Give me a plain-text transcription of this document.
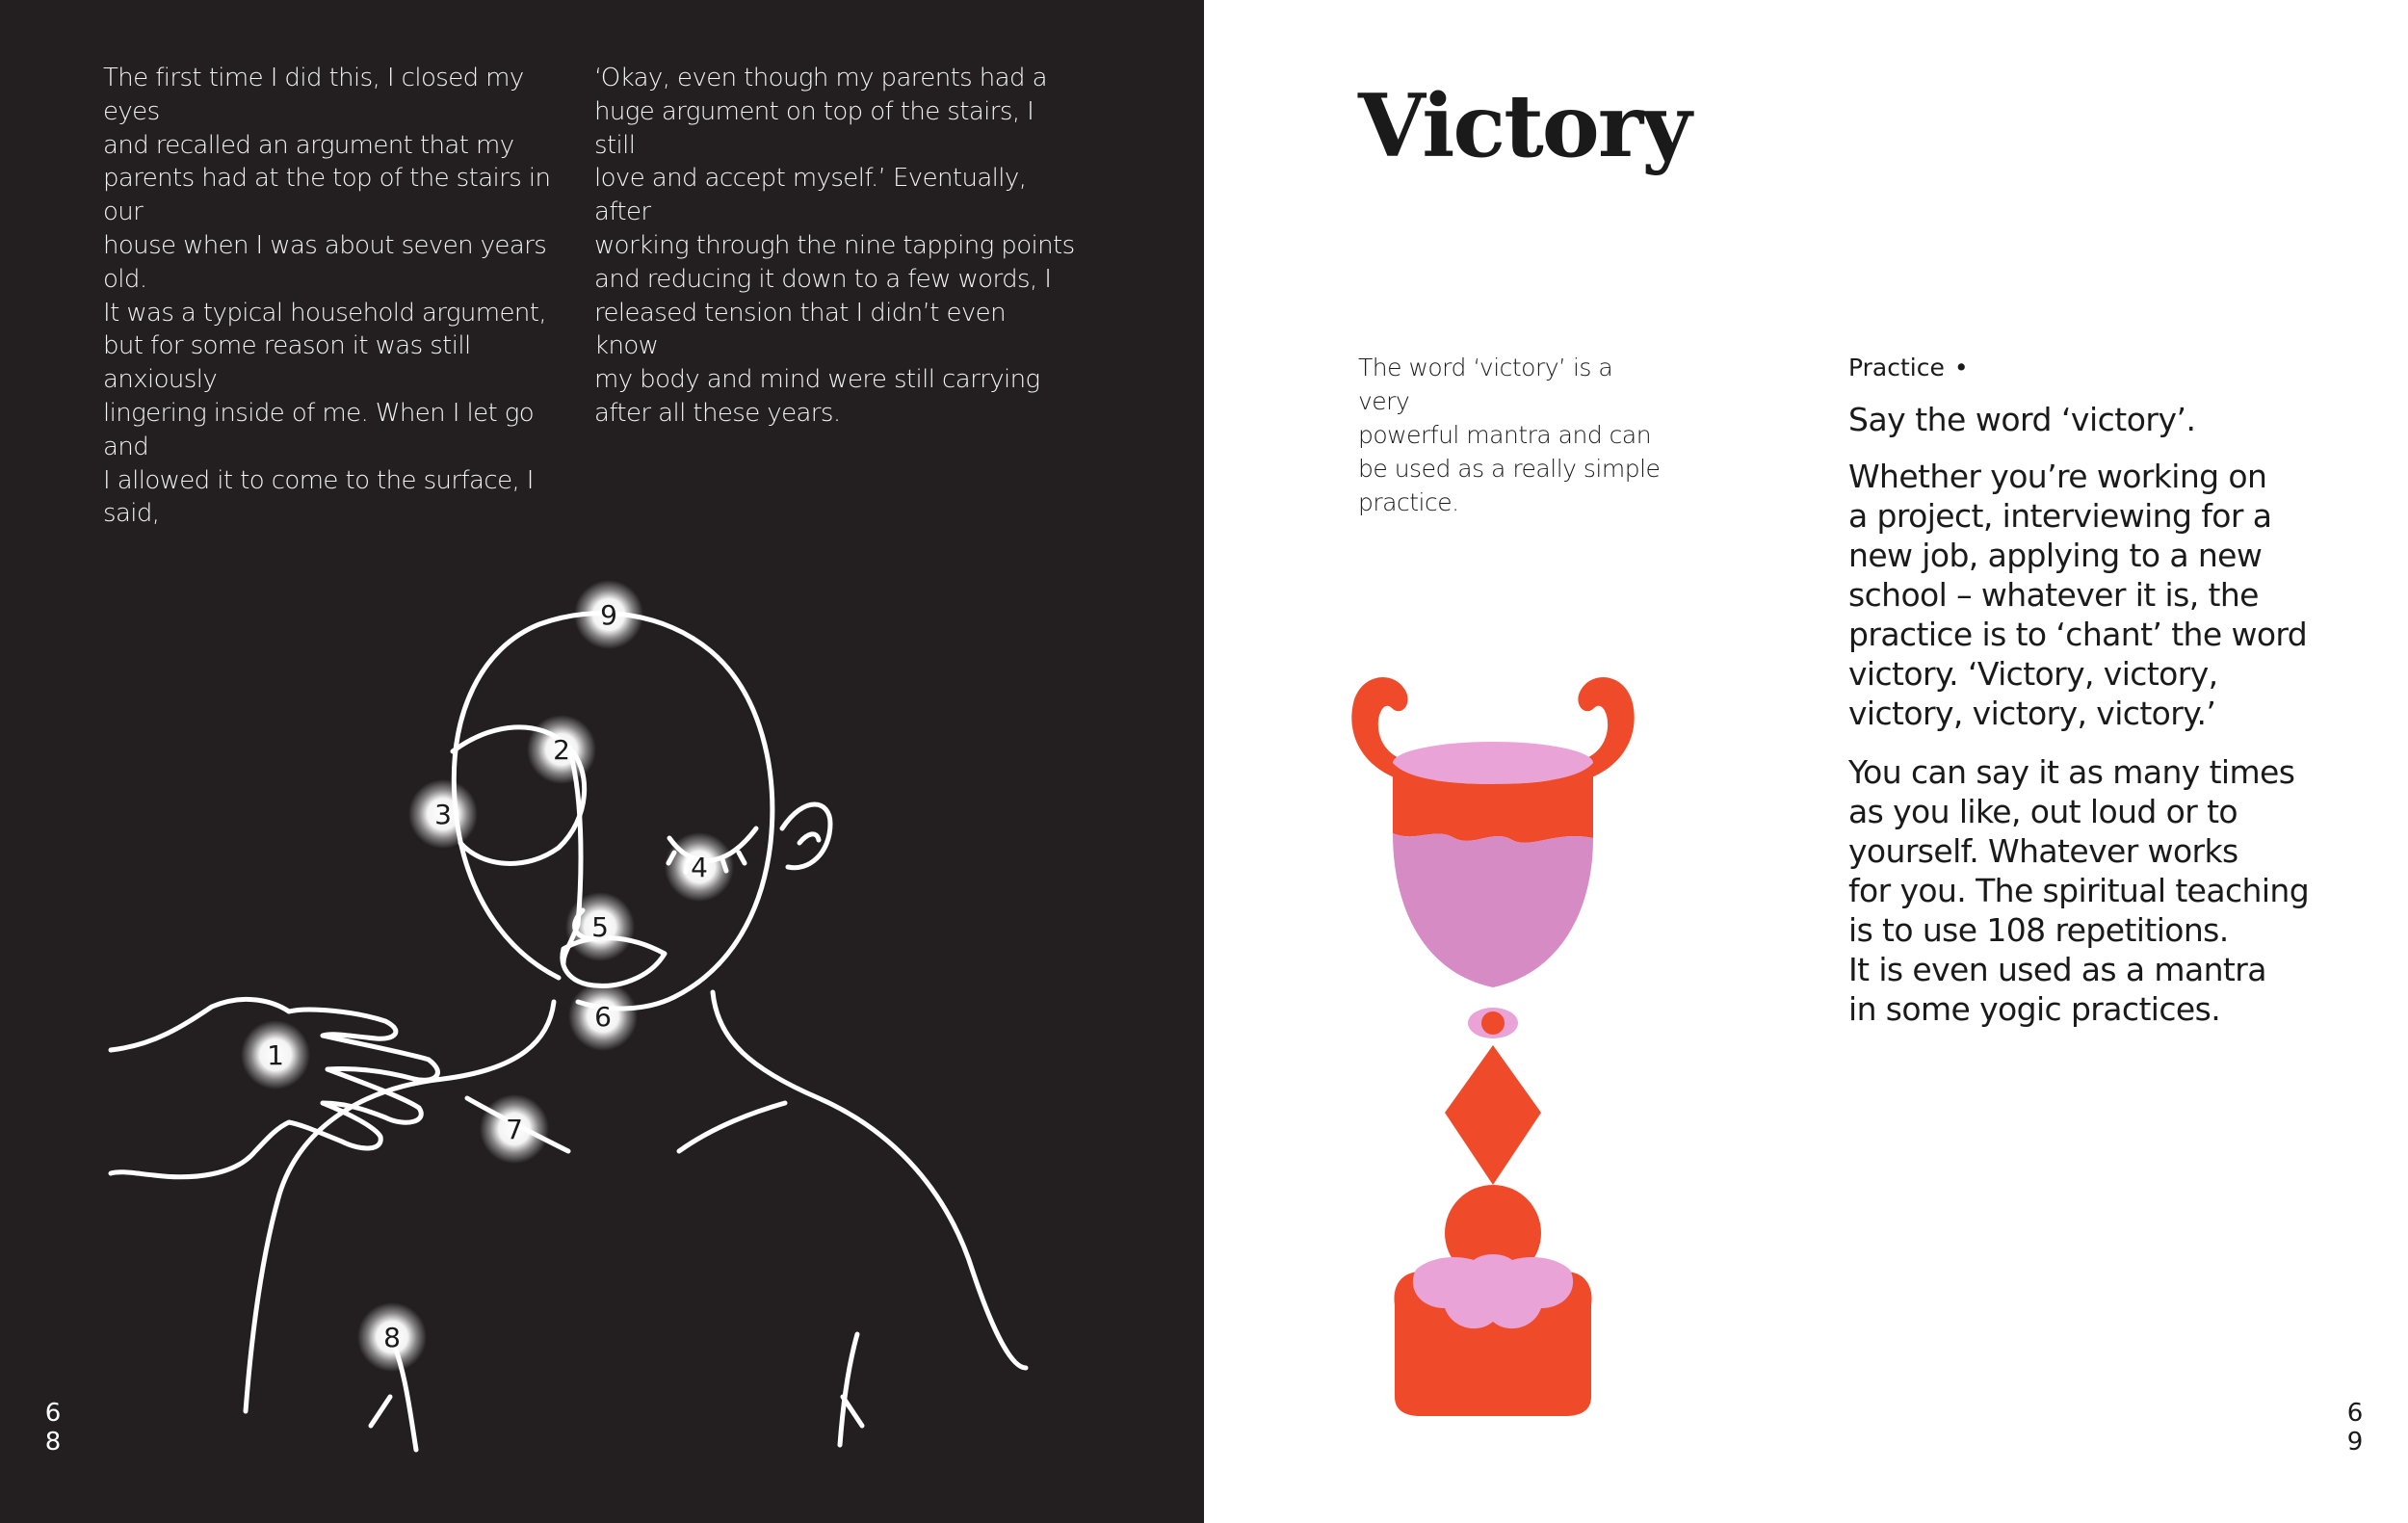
The first time I did this, I closed my eyes
and recalled an argument that my
parents had at the top of the stairs in our
house when I was about seven years old.
It was a typical household argument,
but for some reason it was still anxiously
lingering inside of me. When I let go and
I allowed it to come to the surface, I said,
‘Okay, even though my parents had a
huge argument on top of the stairs, I still
love and accept myself.’ Eventually, after
working through the nine tapping points
and reducing it down to a few words, I
released tension that I didn’t even know
my body and mind were still carrying
after all these years.
1
2
3
4
5
6
7
8
9
6
8
Victory
The word ‘victory’ is a very
powerful mantra and can
be used as a really simple
practice.
Practice •
Say the word ‘victory’.

Whether you’re working on
a project, interviewing for a
new job, applying to a new
school – whatever it is, the
practice is to ‘chant’ the word
victory. ‘Victory, victory,
victory, victory, victory.’

You can say it as many times
as you like, out loud or to
yourself. Whatever works
for you. The spiritual teaching
is to use 108 repetitions.
It is even used as a mantra
in some yogic practices.

6
9
